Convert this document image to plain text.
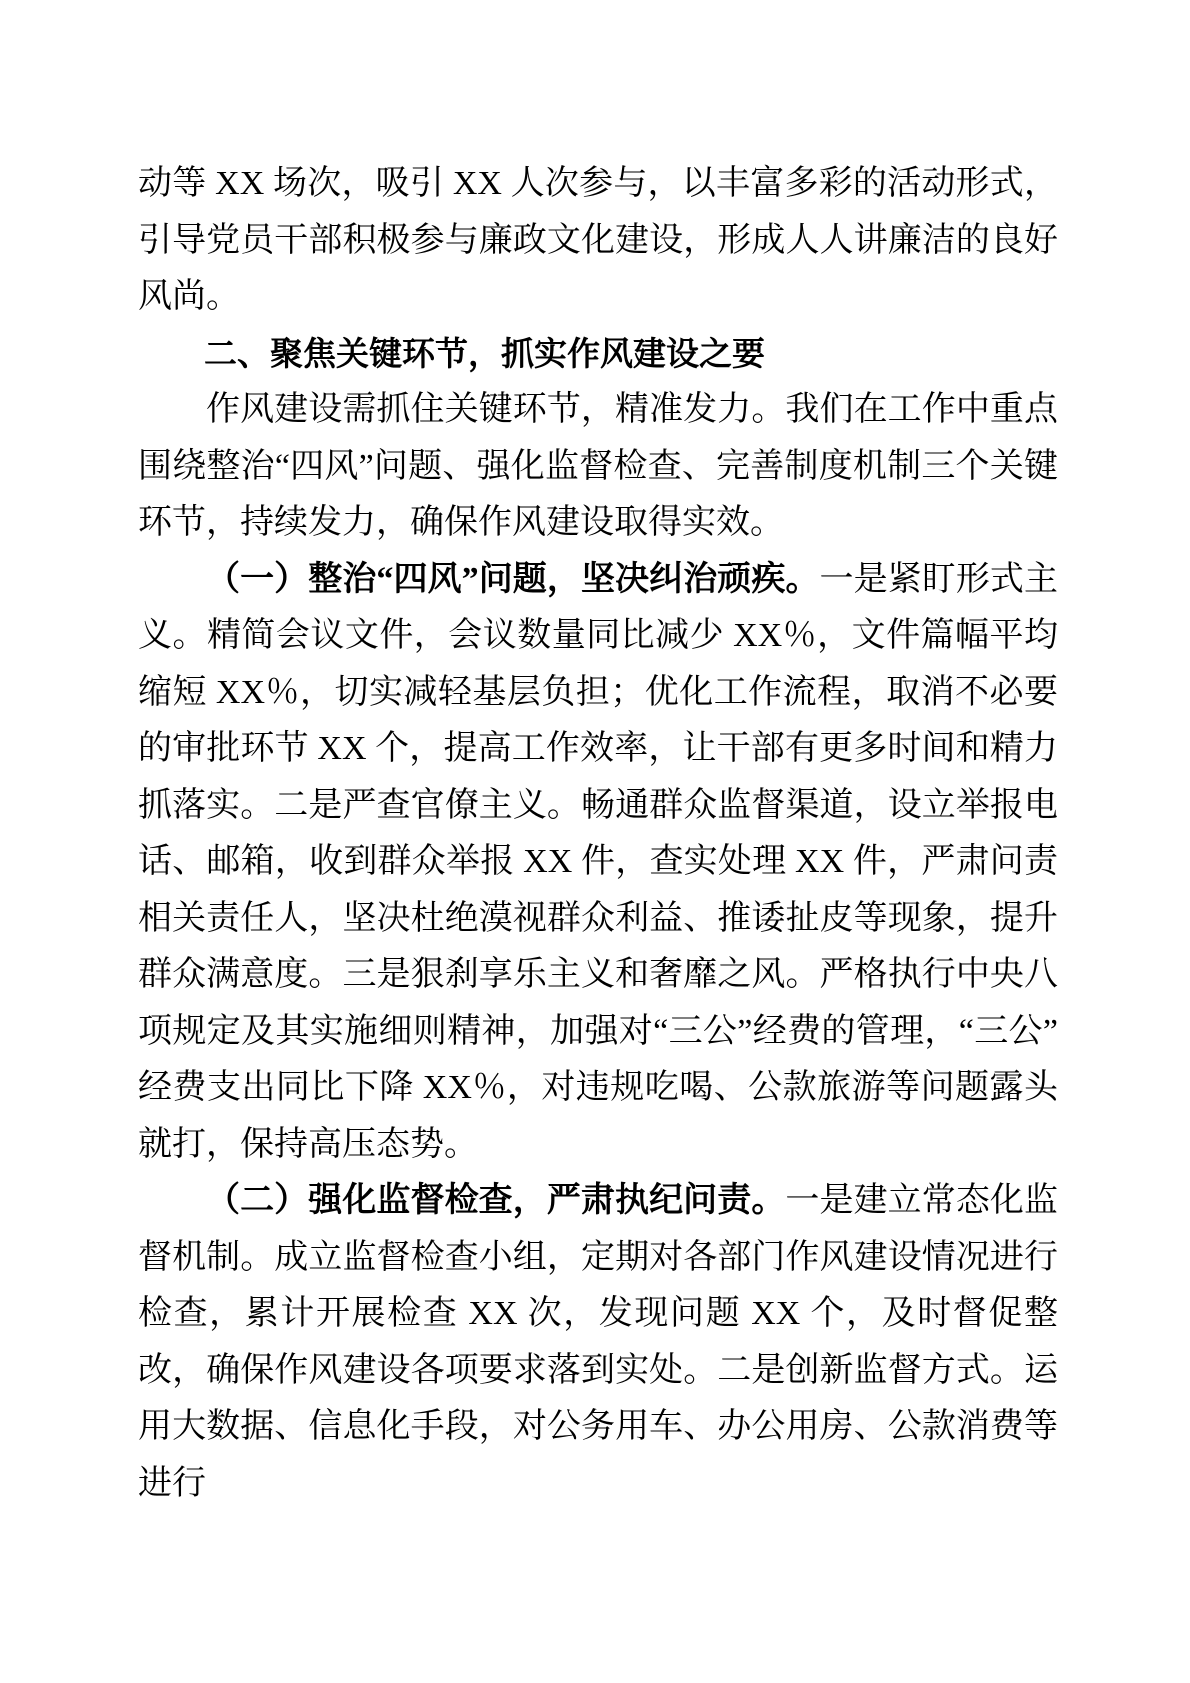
动等 XX 场次，吸引 XX 人次参与，以丰富多彩的活动形式，引导党员干部积极参与廉政文化建设，形成人人讲廉洁的良好风尚。

二、聚焦关键环节，抓实作风建设之要

作风建设需抓住关键环节，精准发力。我们在工作中重点围绕整治“四风”问题、强化监督检查、完善制度机制三个关键环节，持续发力，确保作风建设取得实效。

（一）整治“四风”问题，坚决纠治顽疾。一是紧盯形式主义。精简会议文件，会议数量同比减少 XX％，文件篇幅平均缩短 XX％，切实减轻基层负担；优化工作流程，取消不必要的审批环节 XX 个，提高工作效率，让干部有更多时间和精力抓落实。二是严查官僚主义。畅通群众监督渠道，设立举报电话、邮箱，收到群众举报 XX 件，查实处理 XX 件，严肃问责相关责任人，坚决杜绝漠视群众利益、推诿扯皮等现象，提升群众满意度。三是狠刹享乐主义和奢靡之风。严格执行中央八项规定及其实施细则精神，加强对“三公”经费的管理，“三公”经费支出同比下降 XX％，对违规吃喝、公款旅游等问题露头就打，保持高压态势。

（二）强化监督检查，严肃执纪问责。一是建立常态化监督机制。成立监督检查小组，定期对各部门作风建设情况进行检查，累计开展检查 XX 次，发现问题 XX 个，及时督促整改，确保作风建设各项要求落到实处。二是创新监督方式。运用大数据、信息化手段，对公务用车、办公用房、公款消费等进行
